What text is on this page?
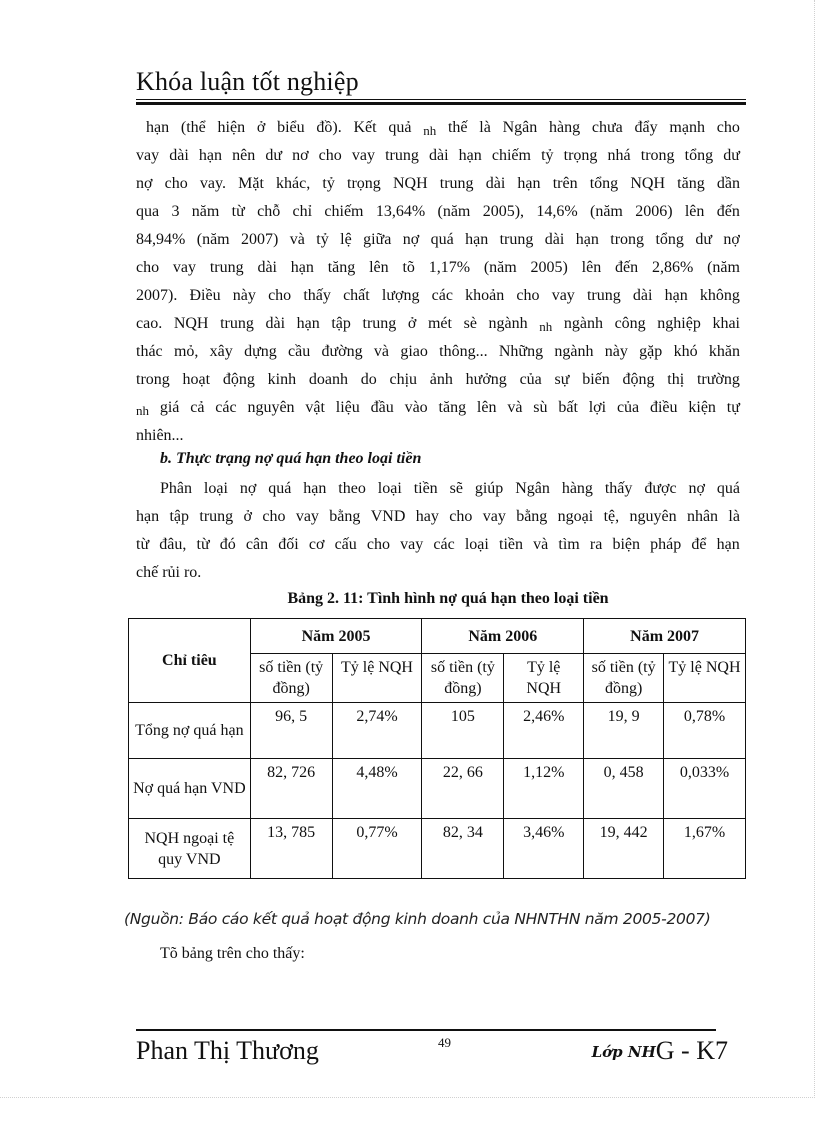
Khóa luận tốt nghiệp
hạn (thể hiện ở biểu đồ). Kết quả nh thế là Ngân hàng chưa đẩy mạnh cho
vay dài hạn nên dư nơ cho vay trung dài hạn chiếm tỷ trọng nhá trong tổng dư
nợ cho vay. Mặt khác, tỷ trọng NQH trung dài hạn trên tổng NQH tăng dần
qua 3 năm từ chỗ chỉ chiếm 13,64% (năm 2005), 14,6% (năm 2006) lên đến
84,94% (năm 2007) và tỷ lệ giữa nợ quá hạn trung dài hạn trong tổng dư nợ
cho vay trung dài hạn tăng lên tõ 1,17% (năm 2005) lên đến 2,86% (năm
2007). Điều này cho thấy chất lượng các khoản cho vay trung dài hạn không
cao. NQH trung dài hạn tập trung ở mét sè ngành nh ngành công nghiệp khai
thác mỏ, xây dựng cầu đường và giao thông... Những ngành này gặp khó khăn
trong hoạt động kinh doanh do chịu ảnh hưởng của sự biến động thị trường
nh giá cả các nguyên vật liệu đầu vào tăng lên và sù bất lợi của điều kiện tự
nhiên...
b. Thực trạng nợ quá hạn theo loại tiền
Phân loại nợ quá hạn theo loại tiền sẽ giúp Ngân hàng thấy được nợ quá
hạn tập trung ở cho vay bằng VND hay cho vay bằng ngoại tệ, nguyên nhân là
từ đâu, từ đó cân đối cơ cấu cho vay các loại tiền và tìm ra biện pháp để hạn
chế rủi ro.
Bảng 2. 11: Tình hình nợ quá hạn theo loại tiền
Chỉ tiêu	Năm 2005		Năm 2006		Năm 2007	
	số tiền (tỷ đồng)	Tỷ lệ NQH	số tiền (tỷ đồng)	Tỷ lệ NQH	số tiền (tỷ đồng)	Tỷ lệ NQH
Tổng nợ quá hạn	96, 5	2,74%	105	2,46%	19, 9	0,78%
Nợ quá hạn VND	82, 726	4,48%	22, 66	1,12%	0, 458	0,033%
NQH ngoại tệ quy VND	13, 785	0,77%	82, 34	3,46%	19, 442	1,67%
(Nguồn: Báo cáo kết quả hoạt động kinh doanh của NHNTHN năm 2005-2007)
Tõ bảng trên cho thấy:
49
Phan Thị Thương	Lớp NHG - K7
